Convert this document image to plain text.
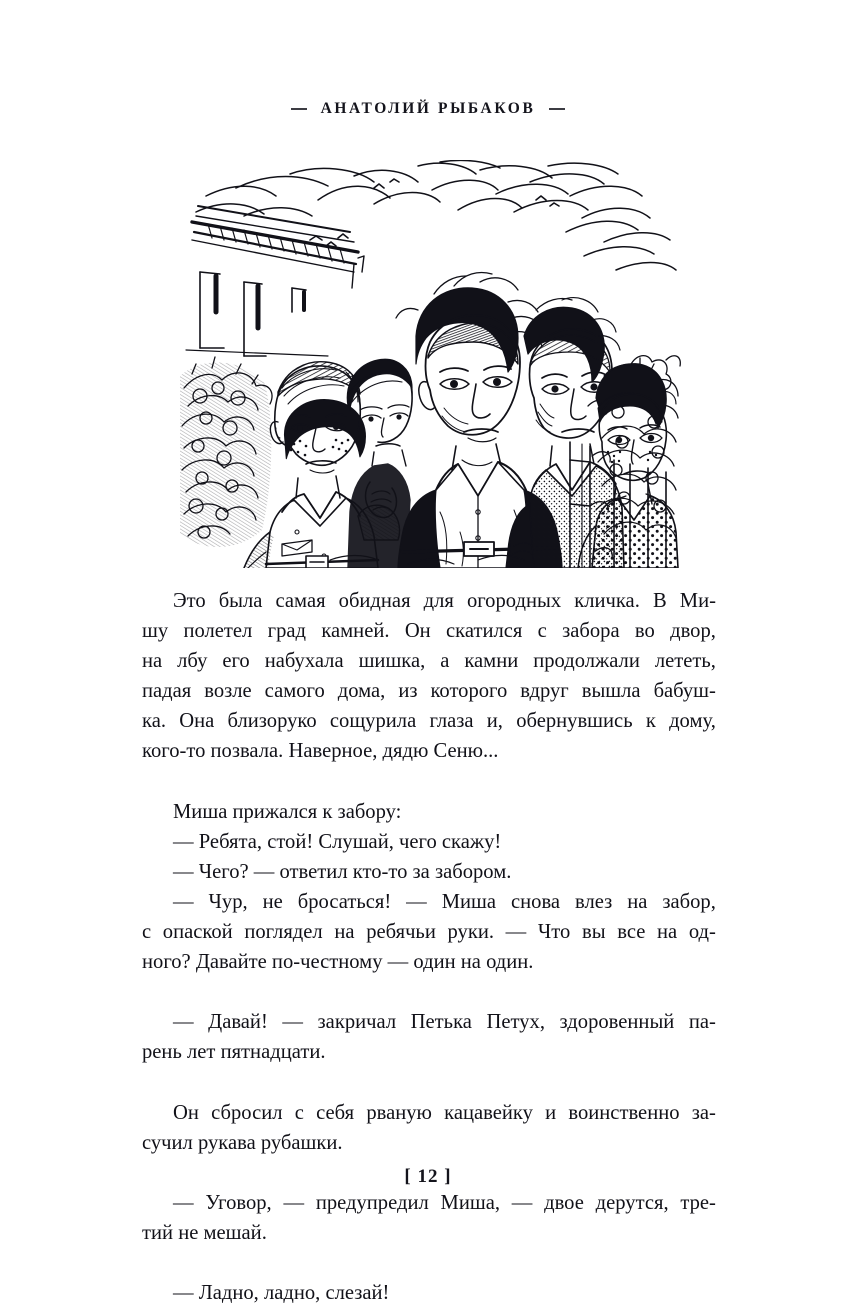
АНАТОЛИЙ РЫБАКОВ

Это была самая обидная для огородных кличка. В Ми-
шу полетел град камней. Он скатился с забора во двор,
на лбу его набухала шишка, а камни продолжали лететь,
падая возле самого дома, из которого вдруг вышла бабуш-
ка. Она близоруко сощурила глаза и, обернувшись к дому,
кого-то позвала. Наверное, дядю Сеню...

Миша прижался к забору:

— Ребята, стой! Слушай, чего скажу!

— Чего? — ответил кто-то за забором.

— Чур, не бросаться! — Миша снова влез на забор,
с опаской поглядел на ребячьи руки. — Что вы все на од-
ного? Давайте по-честному — один на один.

— Давай! — закричал Петька Петух, здоровенный па-
рень лет пятнадцати.

Он сбросил с себя рваную кацавейку и воинственно за-
сучил рукава рубашки.

— Уговор, — предупредил Миша, — двое дерутся, тре-
тий не мешай.

— Ладно, ладно, слезай!

[ 12 ]
